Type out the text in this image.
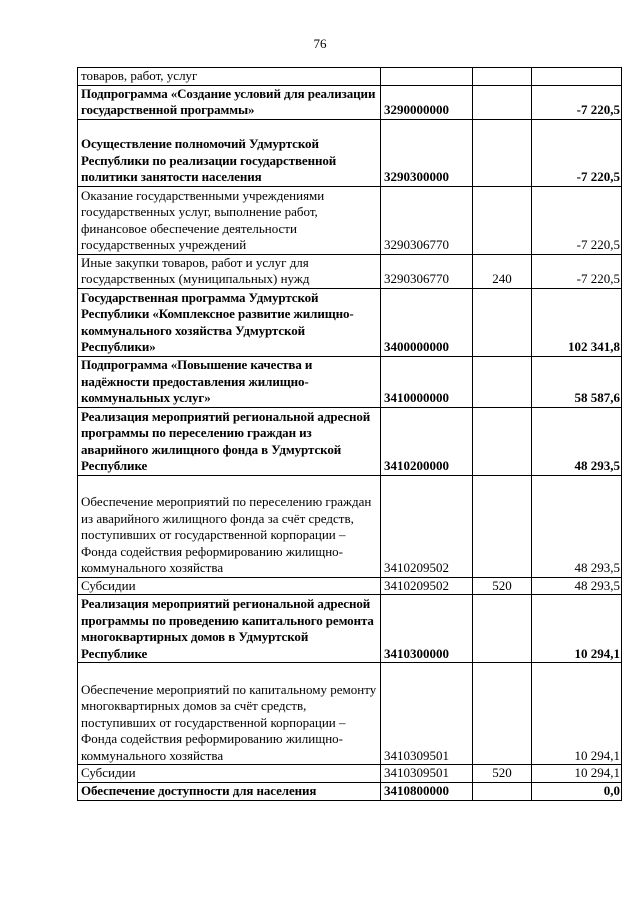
76
товаров, работ, услуг			
Подпрограмма «Создание условий для реализации государственной программы»	3290000000		-7 220,5
Осуществление полномочий Удмуртской Республики по реализации государственной политики занятости населения	3290300000		-7 220,5
Оказание государственными учреждениями государственных услуг, выполнение работ, финансовое обеспечение деятельности государственных учреждений	3290306770		-7 220,5
Иные закупки товаров, работ и услуг для государственных (муниципальных) нужд	3290306770	240	-7 220,5
Государственная программа Удмуртской Республики «Комплексное развитие жилищно-коммунального хозяйства Удмуртской Республики»	3400000000		102 341,8
Подпрограмма «Повышение качества и надёжности предоставления жилищно-коммунальных услуг»	3410000000		58 587,6
Реализация мероприятий региональной адресной программы по переселению граждан из аварийного жилищного фонда в Удмуртской Республике	3410200000		48 293,5
Обеспечение мероприятий по переселению граждан из аварийного жилищного фонда за счёт средств, поступивших от государственной корпорации – Фонда содействия реформированию жилищно-коммунального хозяйства	3410209502		48 293,5
Субсидии	3410209502	520	48 293,5
Реализация мероприятий региональной адресной программы по проведению капитального ремонта многоквартирных домов в Удмуртской Республике	3410300000		10 294,1
Обеспечение мероприятий по капитальному ремонту многоквартирных домов за счёт средств, поступивших от государственной корпорации – Фонда содействия реформированию жилищно-коммунального хозяйства	3410309501		10 294,1
Субсидии	3410309501	520	10 294,1
Обеспечение доступности для населения	3410800000		0,0
